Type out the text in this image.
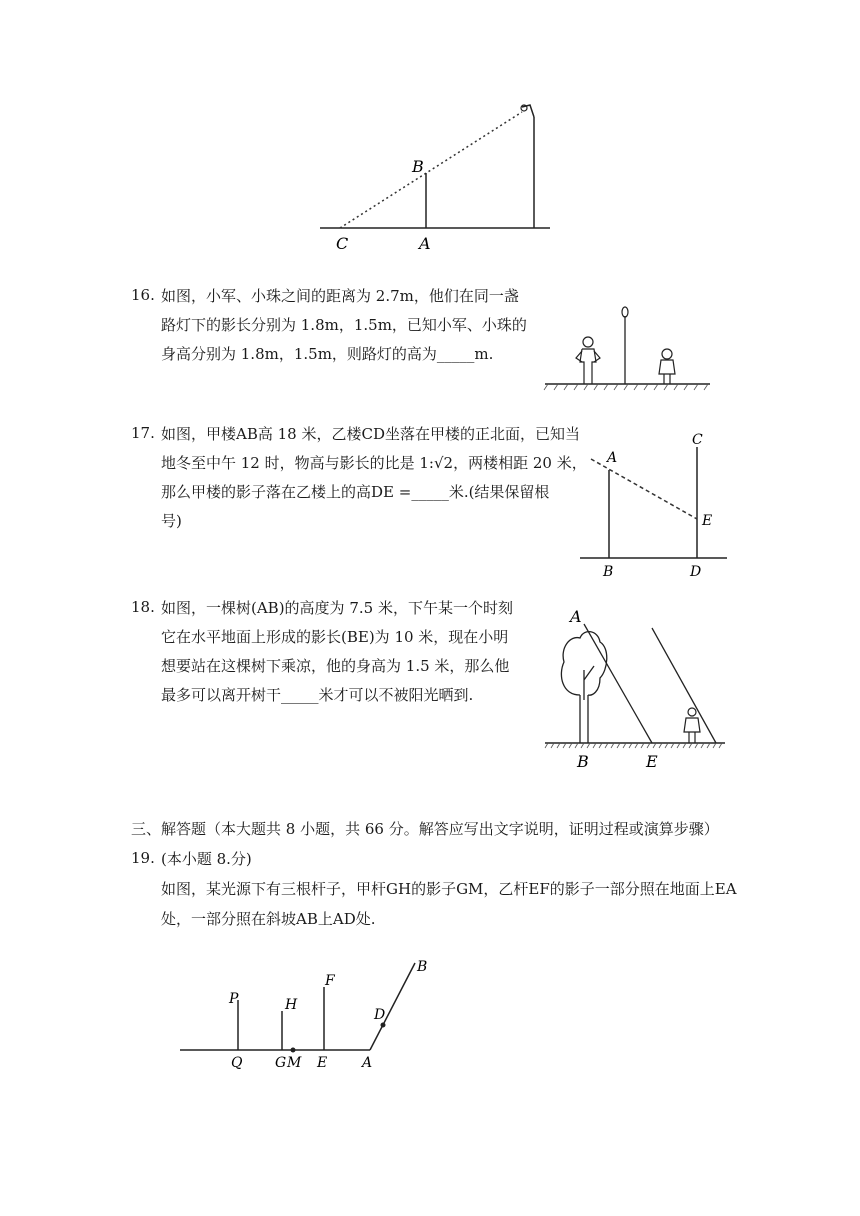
B
C	A
16. 如图，小军、小珠之间的距离为 2.7m，他们在同一盏
路灯下的影长分别为 1.8m，1.5m，已知小军、小珠的
身高分别为 1.8m，1.5m，则路灯的高为_____m.
17. 如图，甲楼AB高 18 米，乙楼CD坐落在甲楼的正北面，已知当
地冬至中午 12 时，物高与影长的比是 1:√2，两楼相距 20 米，
那么甲楼的影子落在乙楼上的高DE =_____米.(结果保留根
号)
A
C
E
B	D
18. 如图，一棵树(AB)的高度为 7.5 米，下午某一个时刻
它在水平地面上形成的影长(BE)为 10 米，现在小明
想要站在这棵树下乘凉，他的身高为 1.5 米，那么他
最多可以离开树干_____米才可以不被阳光晒到.
A
B	E
三、解答题（本大题共 8 小题，共 66 分。解答应写出文字说明，证明过程或演算步骤）
19. (本小题 8.分)
如图，某光源下有三根杆子，甲杆GH的影子GM，乙杆EF的影子一部分照在地面上EA
处，一部分照在斜坡AB上AD处.
P	H
F
B
D
Q G M E A
